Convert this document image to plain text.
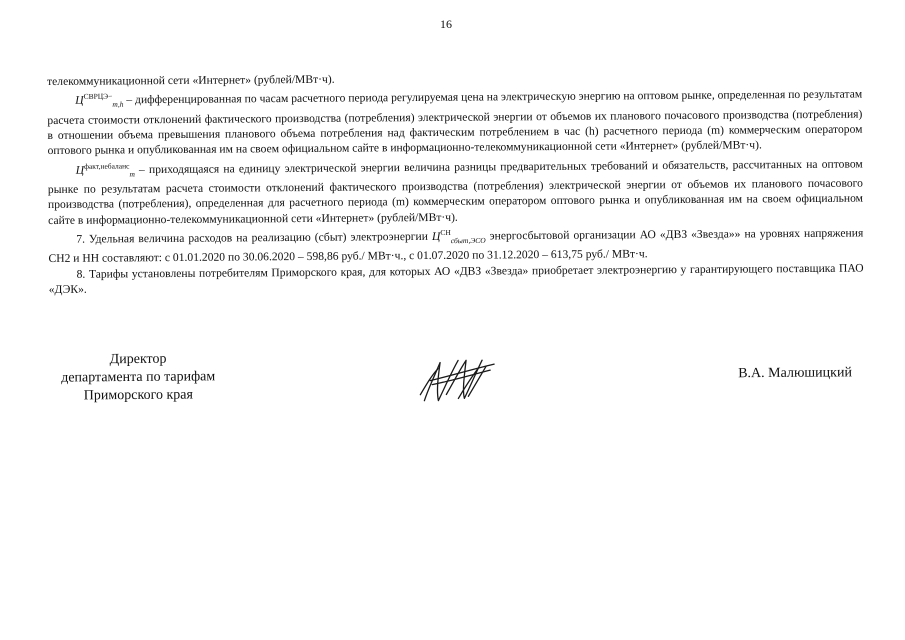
16

телекоммуникационной сети «Интернет» (рублей/МВт·ч).

$Ц^{СВРЦЭ-}_{m,h}$ – дифференцированная по часам расчетного периода регулируемая цена на электрическую энергию на оптовом рынке, определенная по результатам расчета стоимости отклонений фактического производства (потребления) электрической энергии от объемов их планового почасового производства (потребления) в отношении объема превышения планового объема потребления над фактическим потреблением в час (h) расчетного периода (m) коммерческим оператором оптового рынка и опубликованная им на своем официальном сайте в информационно-телекоммуникационной сети «Интернет» (рублей/МВт·ч).

$Ц^{факт,небаланс}_m$ – приходящаяся на единицу электрической энергии величина разницы предварительных требований и обязательств, рассчитанных на оптовом рынке по результатам расчета стоимости отклонений фактического производства (потребления) электрической энергии от объемов их планового почасового производства (потребления), определенная для расчетного периода (m) коммерческим оператором оптового рынка и опубликованная им на своем официальном сайте в информационно-телекоммуникационной сети «Интернет» (рублей/МВт·ч).

7. Удельная величина расходов на реализацию (сбыт) электроэнергии $Ц^{СН}_{сбыт,ЭСО}$ энергосбытовой организации АО «ДВЗ «Звезда»» на уровнях напряжения СН2 и НН составляют: с 01.01.2020 по 30.06.2020 – 598,86 руб./ МВт·ч., с 01.07.2020 по 31.12.2020 – 613,75 руб./ МВт·ч.

8. Тарифы установлены потребителям Приморского края, для которых АО «ДВЗ «Звезда» приобретает электроэнергию у гарантирующего поставщика ПАО «ДЭК».

Директор
департамента по тарифам
Приморского края
В.А. Малюшицкий
